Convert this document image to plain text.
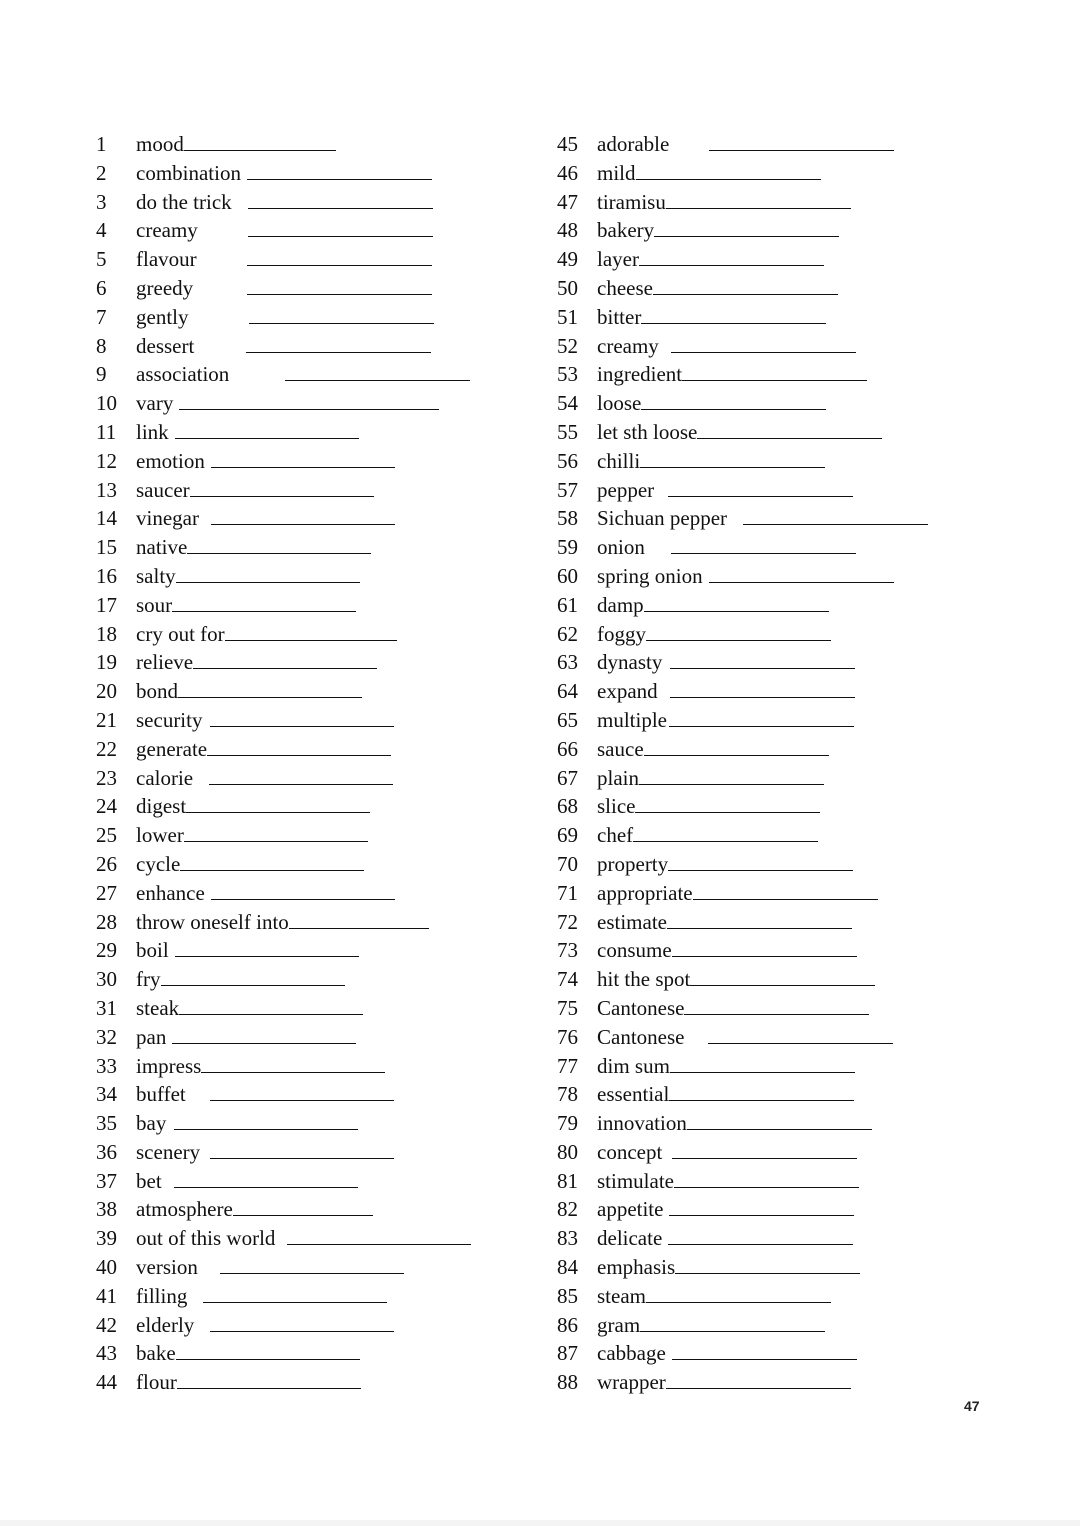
1	mood
2	combination
3	do the trick
4	creamy
5	flavour
6	greedy
7	gently
8	dessert
9	association
10 vary
11 link
12 emotion
13 saucer
14 vinegar
15 native
16 salty
17 sour
18 cry out for
19 relieve
20 bond
21 security
22 generate
23 calorie
24 digest
25 lower
26 cycle
27 enhance
28 throw oneself into
29 boil
30 fry
31 steak
32 pan
33 impress
34 buffet
35 bay
36 scenery
37 bet
38 atmosphere
39 out of this world
40 version
41 filling
42 elderly
43 bake
44 flour
45 adorable
46 mild
47 tiramisu
48 bakery
49 layer
50 cheese
51 bitter
52 creamy
53 ingredient
54 loose
55 let sth loose
56 chilli
57 pepper
58 Sichuan pepper
59 onion
60 spring onion
61 damp
62 foggy
63 dynasty
64 expand
65 multiple
66 sauce
67 plain
68 slice
69 chef
70 property
71 appropriate
72 estimate
73 consume
74 hit the spot
75 Cantonese
76 Cantonese
77 dim sum
78 essential
79 innovation
80 concept
81 stimulate
82 appetite
83 delicate
84 emphasis
85 steam
86 gram
87 cabbage
88 wrapper
47
